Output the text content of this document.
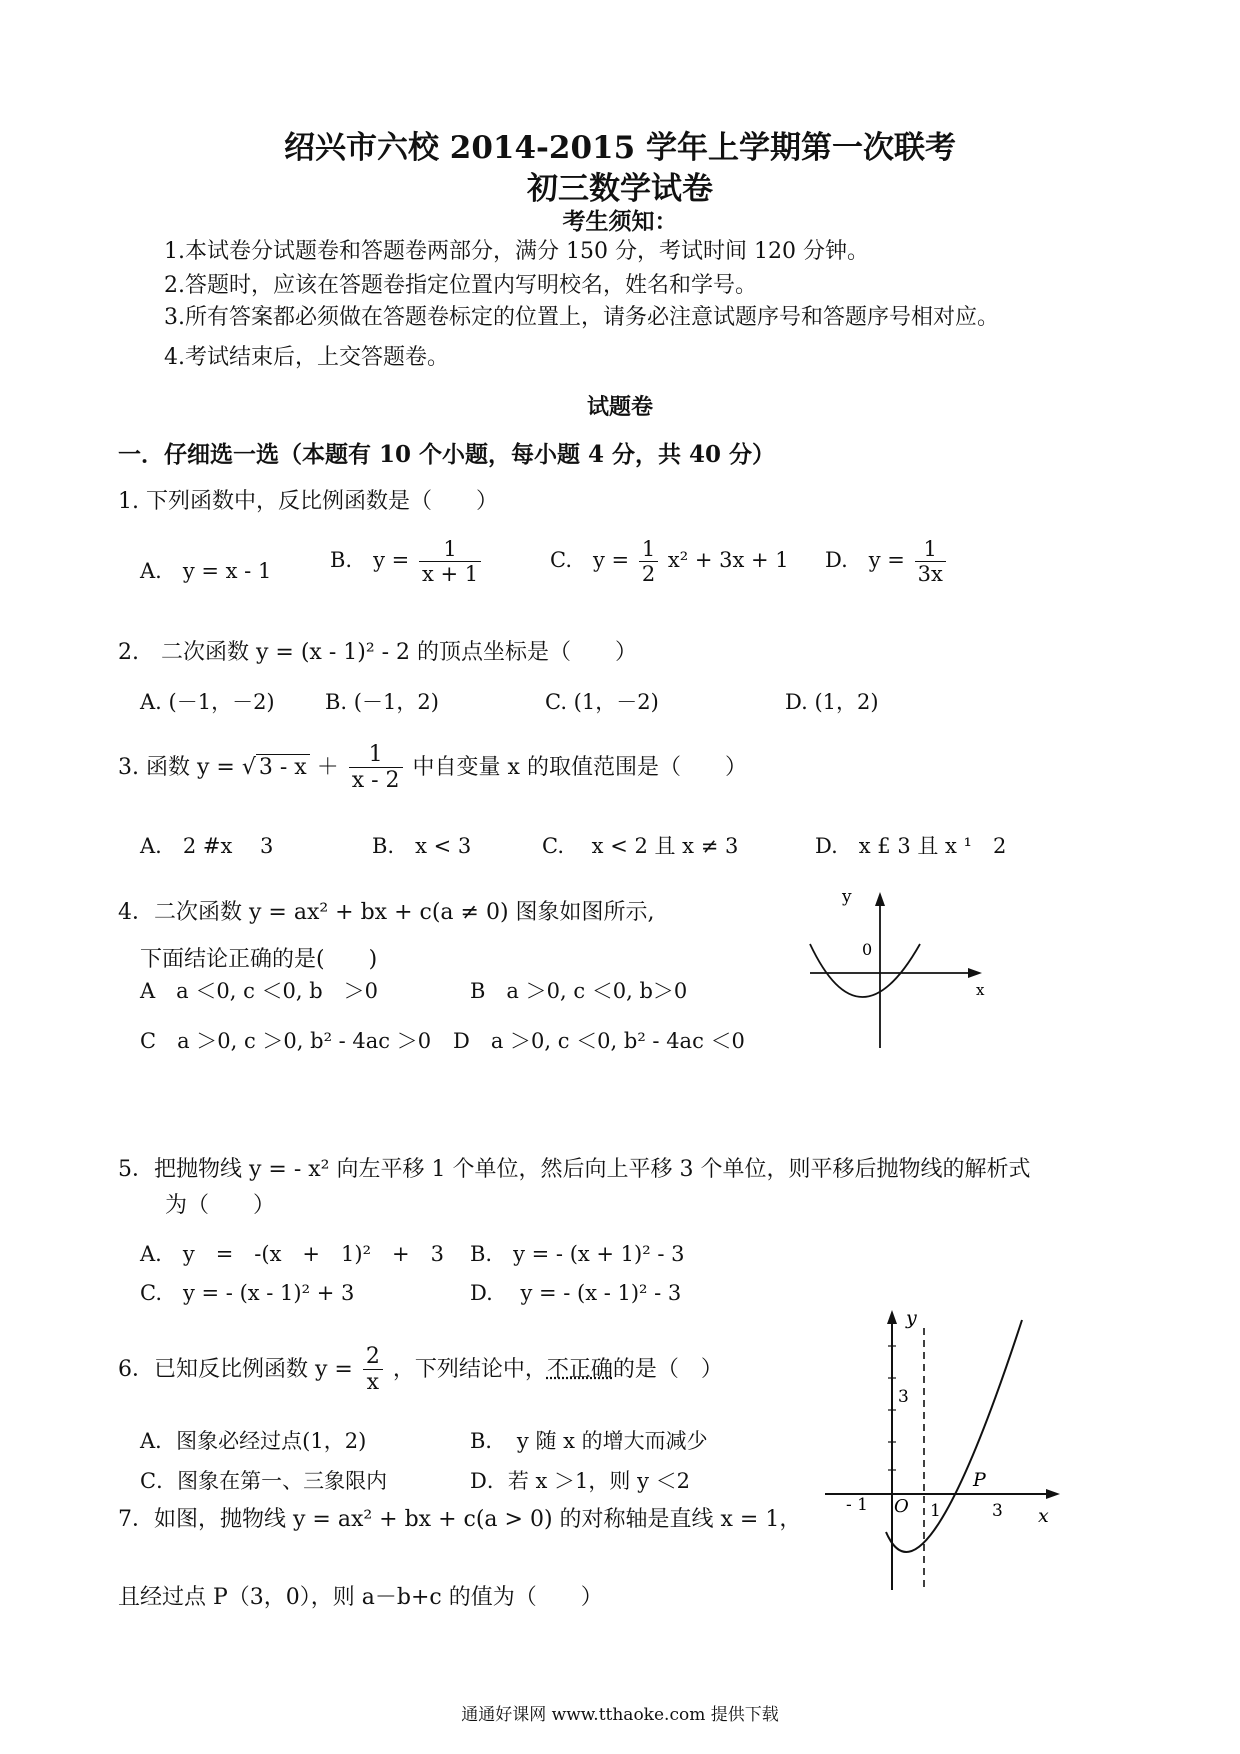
绍兴市六校 2014-2015 学年上学期第一次联考
初三数学试卷
考生须知：
1.本试卷分试题卷和答题卷两部分，满分 150 分，考试时间 120 分钟。
2.答题时，应该在答题卷指定位置内写明校名，姓名和学号。
3.所有答案都必须做在答题卷标定的位置上，请务必注意试题序号和答题序号相对应。
4.考试结束后，上交答题卷。
试题卷
一．仔细选一选（本题有 10 个小题，每小题 4 分，共 40 分）
1. 下列函数中，反比例函数是（　　）
A.　y = x - 1	B.　$y = \frac{1}{x + 1}$	C.　$y = \frac{1}{2} x^2 + 3x + 1$ D.　$y = \frac{1}{3x}$
2.　二次函数 y = (x - 1)² - 2 的顶点坐标是（　　）
A. (－1，－2) B. (－1，2)	C. (1，－2)	D. (1，2)
3. 函数 y = √ $3 - x + \frac{1}{x - 2}$ 中自变量 x 的取值范围是（　　）
A.　2 #x　 3	B.　x < 3	C.　 x < 2 且 x ≠ 3	D.　x £ 3 且 x ¹　2
4．二次函数 y = ax² + bx + c(a ≠ 0) 图象如图所示,
下面结论正确的是(　　)
A　a ＜0, c ＜0, b　＞0	B　a ＞0, c ＜0, b＞0
C　a ＞0, c ＞0, b² - 4ac ＞0 D　a ＞0, c ＜0, b² - 4ac ＜0
y
x
0
5．把抛物线 y = - x² 向左平移 1 个单位，然后向上平移 3 个单位，则平移后抛物线的解析式
为（　　）
A.　y　=　-(x　+　1)²　+　3 B.　y = - (x + 1)² - 3
C.　y = - (x - 1)² + 3	D.　 y = - (x - 1)² - 3
6．已知反比例函数 $y = \frac{2}{x}$ ，下列结论中，不正确的是（　）
A．图象必经过点(1，2)	B．　y 随 x 的增大而减少
C．图象在第一、三象限内	D．若 x ＞1，则 y ＜2
7．如图，抛物线 y = ax² + bx + c(a > 0) 的对称轴是直线 x = 1，
且经过点 P（3，0），则 a－b+c 的值为（　　）
y
x
3
- 1 O 1	3
P
通通好课网 www.tthaoke.com 提供下载
